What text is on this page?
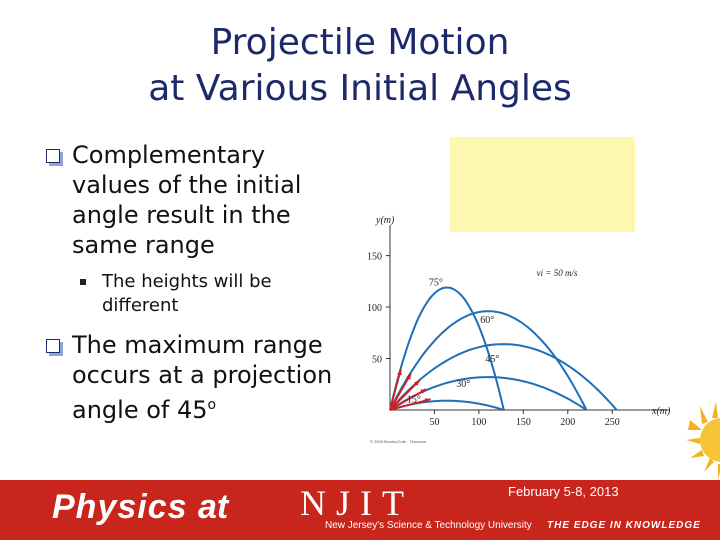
Projectile Motion
at Various Initial Angles
Complementary values of the initial angle result in the same range
The heights will be different
The maximum range occurs at a projection angle of 45$^o$	x(m)
y(m)
50	100	150	200	250
50
100
150
vi = 50 m/s
75°
60°
45°
30°
15°
© 2005 Brooks/Cole - Thomson
Physics at NJIT
New Jersey's Science & Technology University THE EDGE IN KNOWLEDGE
February 5-8, 2013
